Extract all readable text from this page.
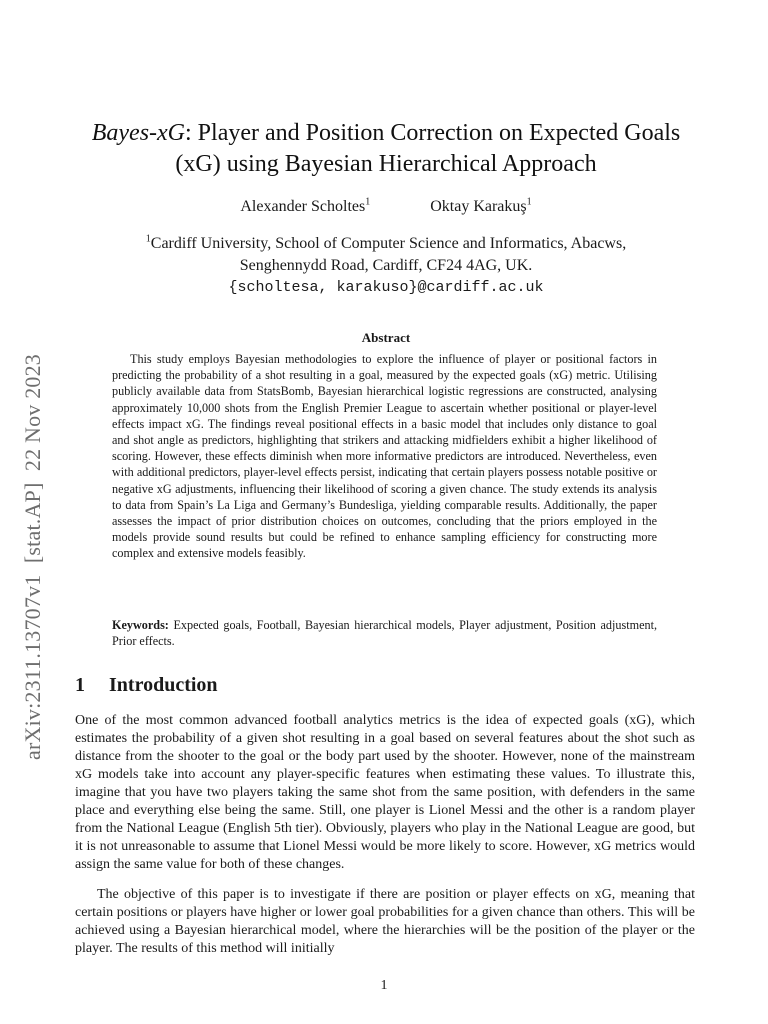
arXiv:2311.13707v1  [stat.AP]  22 Nov 2023
Bayes-xG: Player and Position Correction on Expected Goals (xG) using Bayesian Hierarchical Approach
Alexander Scholtes$^1$	Oktay Karakuş$^1$
$^1$Cardiff University, School of Computer Science and Informatics, Abacws,
Senghennydd Road, Cardiff, CF24 4AG, UK.
{scholtesa, karakuso}@cardiff.ac.uk
Abstract

This study employs Bayesian methodologies to explore the influence of player or positional factors in predicting the probability of a shot resulting in a goal, measured by the expected goals (xG) metric. Utilising publicly available data from StatsBomb, Bayesian hierarchical logistic regressions are constructed, analysing approximately 10,000 shots from the English Premier League to ascertain whether positional or player-level effects impact xG. The findings reveal positional effects in a basic model that includes only distance to goal and shot angle as predictors, highlighting that strikers and attacking midfielders exhibit a higher likelihood of scoring. However, these effects diminish when more informative predictors are introduced. Nevertheless, even with additional predictors, player-level effects persist, indicating that certain players possess notable positive or negative xG adjustments, influencing their likelihood of scoring a given chance. The study extends its analysis to data from Spain’s La Liga and Germany’s Bundesliga, yielding comparable results. Additionally, the paper assesses the impact of prior distribution choices on outcomes, concluding that the priors employed in the models provide sound results but could be refined to enhance sampling efficiency for constructing more complex and extensive models feasibly.

Keywords: Expected goals, Football, Bayesian hierarchical models, Player adjustment, Position adjustment, Prior effects.

1 Introduction

One of the most common advanced football analytics metrics is the idea of expected goals (xG), which estimates the probability of a given shot resulting in a goal based on several features about the shot such as distance from the shooter to the goal or the body part used by the shooter. However, none of the mainstream xG models take into account any player-specific features when estimating these values. To illustrate this, imagine that you have two players taking the same shot from the same position, with defenders in the same place and everything else being the same. Still, one player is Lionel Messi and the other is a random player from the National League (English 5th tier). Obviously, players who play in the National League are good, but it is not unreasonable to assume that Lionel Messi would be more likely to score. However, xG metrics would assign the same value for both of these changes.

The objective of this paper is to investigate if there are position or player effects on xG, meaning that certain positions or players have higher or lower goal probabilities for a given chance than others. This will be achieved using a Bayesian hierarchical model, where the hierarchies will be the position of the player or the player. The results of this method will initially

1
